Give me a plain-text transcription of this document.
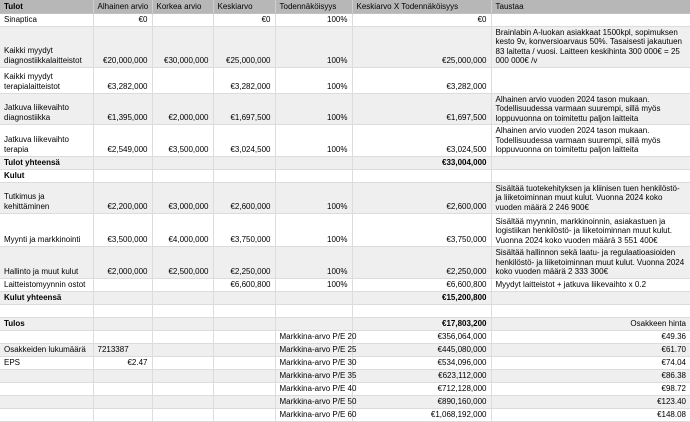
Tulot	Alhainen arvio	Korkea arvio	Keskiarvo	Todennäköisyys	Keskiarvo X Todennäköisyys	Taustaa
Sinaptica	€0		€0	100%	€0	
Kaikki myydyt diagnostiikkalaitteistot	€20,000,000	€30,000,000	€25,000,000	100%	€25,000,000	Brainlabin A-luokan asiakkaat 1500kpl, sopimuksen kesto 9v, konversioarvaus 50%. Tasaisesti jakautuen 83 laitetta / vuosi. Laitteen keskihinta 300 000€ = 25 000 000€ /v
Kaikki myydyt terapialaitteistot	€3,282,000		€3,282,000	100%	€3,282,000	
Jatkuva liikevaihto diagnostiikka	€1,395,000	€2,000,000	€1,697,500	100%	€1,697,500	Alhainen arvio vuoden 2024 tason mukaan. Todellisuudessa varmaan suurempi, sillä myös loppuvuonna on toimitettu paljon laitteita
Jatkuva liikevaihto terapia	€2,549,000	€3,500,000	€3,024,500	100%	€3,024,500	Alhainen arvio vuoden 2024 tason mukaan. Todellisuudessa varmaan suurempi, sillä myös loppuvuonna on toimitettu paljon laitteita
Tulot yhteensä					€33,004,000	
Kulut						
Tutkimus ja kehittäminen	€2,200,000	€3,000,000	€2,600,000	100%	€2,600,000	Sisältää tuotekehityksen ja kliinisen tuen henkilöstö- ja liiketoiminnan muut kulut. Vuonna 2024 koko vuoden määrä 2 246 900€
Myynti ja markkinointi	€3,500,000	€4,000,000	€3,750,000	100%	€3,750,000	Sisältää myynnin, markkinoinnin, asiakastuen ja logistiikan henkilöstö- ja liiketoiminnan muut kulut. Vuonna 2024 koko vuoden määrä 3 551 400€
Hallinto ja muut kulut	€2,000,000	€2,500,000	€2,250,000	100%	€2,250,000	Sisältää hallinnon sekä laatu- ja regulaatioasioiden henkilöstö- ja liiketoiminnan muut kulut. Vuonna 2024 koko vuoden määrä 2 333 300€
Laitteistomyynnin ostot			€6,600,800	100%	€6,600,800	Myydyt laitteistot + jatkuva liikevaihto x 0.2
Kulut yhteensä					€15,200,800	

Tulos					€17,803,200	Osakkeen hinta
				Markkina-arvo P/E 20	€356,064,000	€49.36
Osakkeiden lukumäärä	7213387			Markkina-arvo P/E 25	€445,080,000	€61.70
EPS	€2.47			Markkina-arvo P/E 30	€534,096,000	€74.04
				Markkina-arvo P/E 35	€623,112,000	€86.38
				Markkina-arvo P/E 40	€712,128,000	€98.72
				Markkina-arvo P/E 50	€890,160,000	€123.40
				Markkina-arvo P/E 60	€1,068,192,000	€148.08
